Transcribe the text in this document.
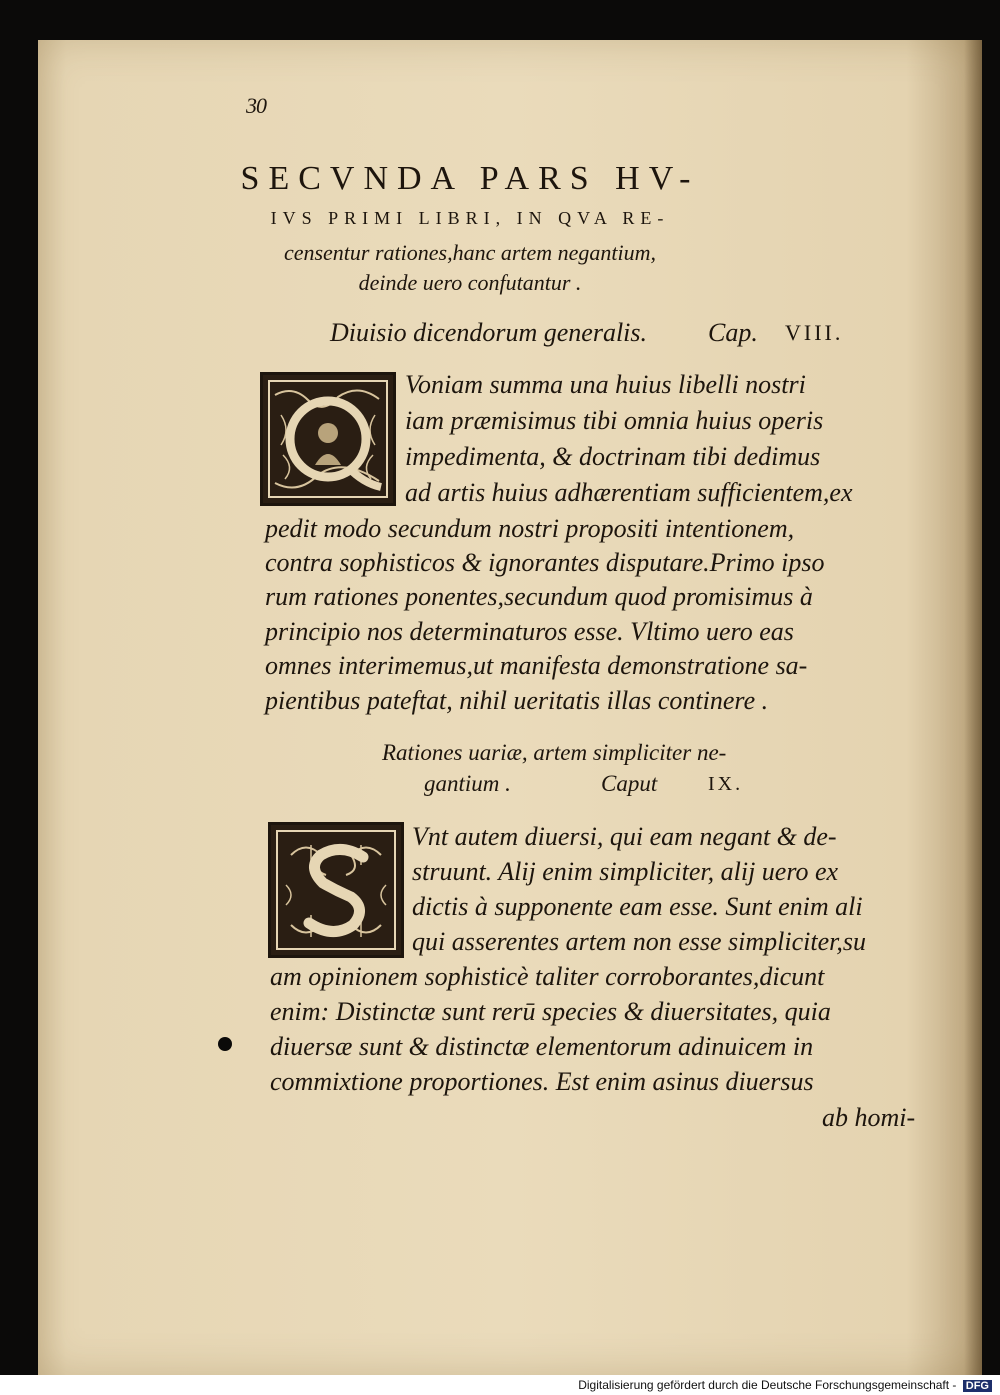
30
SECVNDA PARS HV-
IVS PRIMI LIBRI, IN QVA RE-
censentur rationes,hanc artem negantium,
deinde uero confutantur .
Diuisio dicendorum generalis. Cap. VIII.
Voniam summa una huius libelli nostri
iam præmisimus tibi omnia huius operis
impedimenta, & doctrinam tibi dedimus
ad artis huius adhærentiam sufficientem,ex
pedit modo secundum nostri propositi intentionem,
contra sophisticos & ignorantes disputare.Primo ipso
rum rationes ponentes,secundum quod promisimus à
principio nos determinaturos esse. Vltimo uero eas
omnes interimemus,ut manifesta demonstratione sa-
pientibus pateftat, nihil ueritatis illas continere .
Rationes uariæ, artem simpliciter ne-
gantium .	Caput	IX.
Vnt autem diuersi, qui eam negant & de-
struunt. Alij enim simpliciter, alij uero ex
dictis à supponente eam esse. Sunt enim ali
qui asserentes artem non esse simpliciter,su
am opinionem sophisticè taliter corroborantes,dicunt
enim: Distinctæ sunt rerū species & diuersitates, quia
diuersæ sunt & distinctæ elementorum adinuicem in
commixtione proportiones. Est enim asinus diuersus
ab homi-
Digitalisierung gefördert durch die Deutsche Forschungsgemeinschaft - DFG
